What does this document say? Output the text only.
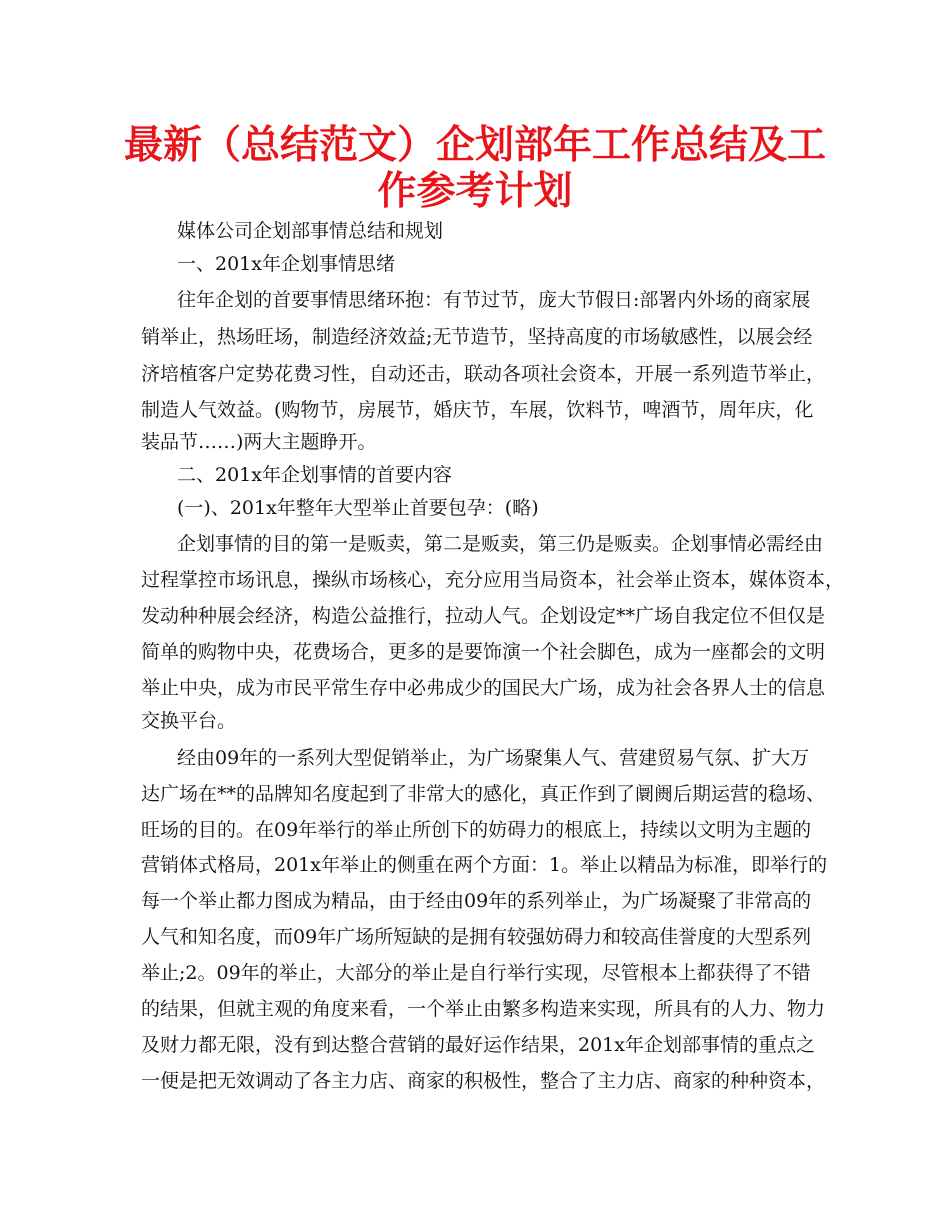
最新（总结范文）企划部年工作总结及工
作参考计划
媒体公司企划部事情总结和规划
一、201x年企划事情思绪
往年企划的首要事情思绪环抱：有节过节，庞大节假日:部署内外场的商家展
销举止，热场旺场，制造经济效益;无节造节，坚持高度的市场敏感性，以展会经
济培植客户定势花费习性，自动还击，联动各项社会资本，开展一系列造节举止，
制造人气效益。(购物节，房展节，婚庆节，车展，饮料节，啤酒节，周年庆，化
装品节……)两大主题睁开。
二、201x年企划事情的首要内容
(一)、201x年整年大型举止首要包孕：(略)
企划事情的目的第一是贩卖，第二是贩卖，第三仍是贩卖。企划事情必需经由
过程掌控市场讯息，操纵市场核心，充分应用当局资本，社会举止资本，媒体资本，
发动种种展会经济，构造公益推行，拉动人气。企划设定**广场自我定位不但仅是
简单的购物中央，花费场合，更多的是要饰演一个社会脚色，成为一座都会的文明
举止中央，成为市民平常生存中必弗成少的国民大广场，成为社会各界人士的信息
交换平台。
经由09年的一系列大型促销举止，为广场聚集人气、营建贸易气氛、扩大万
达广场在**的品牌知名度起到了非常大的感化，真正作到了阛阓后期运营的稳场、
旺场的目的。在09年举行的举止所创下的妨碍力的根底上，持续以文明为主题的
营销体式格局，201x年举止的侧重在两个方面：1。举止以精品为标准，即举行的
每一个举止都力图成为精品，由于经由09年的系列举止，为广场凝聚了非常高的
人气和知名度，而09年广场所短缺的是拥有较强妨碍力和较高佳誉度的大型系列
举止;2。09年的举止，大部分的举止是自行举行实现，尽管根本上都获得了不错
的结果，但就主观的角度来看，一个举止由繁多构造来实现，所具有的人力、物力
及财力都无限，没有到达整合营销的最好运作结果，201x年企划部事情的重点之
一便是把无效调动了各主力店、商家的积极性，整合了主力店、商家的种种资本，
